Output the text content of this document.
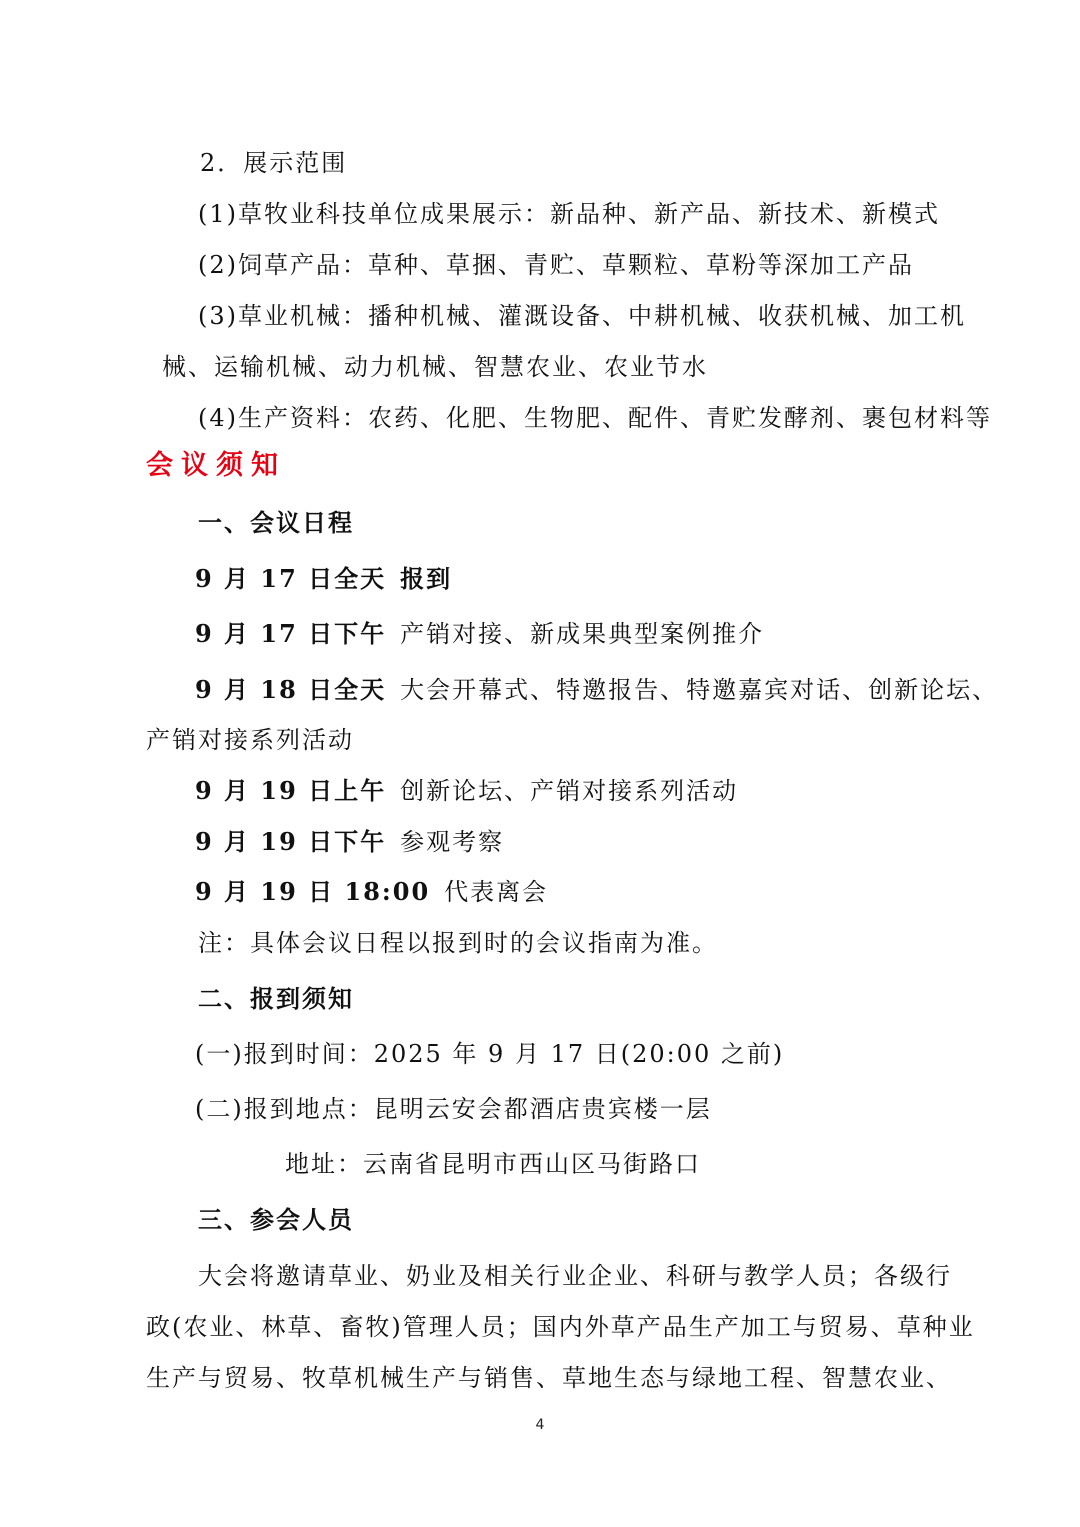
2．展示范围
(1)草牧业科技单位成果展示：新品种、新产品、新技术、新模式
(2)饲草产品：草种、草捆、青贮、草颗粒、草粉等深加工产品
(3)草业机械：播种机械、灌溉设备、中耕机械、收获机械、加工机
械、运输机械、动力机械、智慧农业、农业节水
(4)生产资料：农药、化肥、生物肥、配件、青贮发酵剂、裹包材料等
会议须知
一、会议日程
9 月 17 日全天 报到
9 月 17 日下午 产销对接、新成果典型案例推介
9 月 18 日全天 大会开幕式、特邀报告、特邀嘉宾对话、创新论坛、
产销对接系列活动
9 月 19 日上午 创新论坛、产销对接系列活动
9 月 19 日下午 参观考察
9 月 19 日 18:00 代表离会
注：具体会议日程以报到时的会议指南为准。
二、报到须知
(一)报到时间：2025 年 9 月 17 日(20:00 之前)
(二)报到地点：昆明云安会都酒店贵宾楼一层
地址：云南省昆明市西山区马街路口
三、参会人员
大会将邀请草业、奶业及相关行业企业、科研与教学人员；各级行
政(农业、林草、畜牧)管理人员；国内外草产品生产加工与贸易、草种业
生产与贸易、牧草机械生产与销售、草地生态与绿地工程、智慧农业、
4
